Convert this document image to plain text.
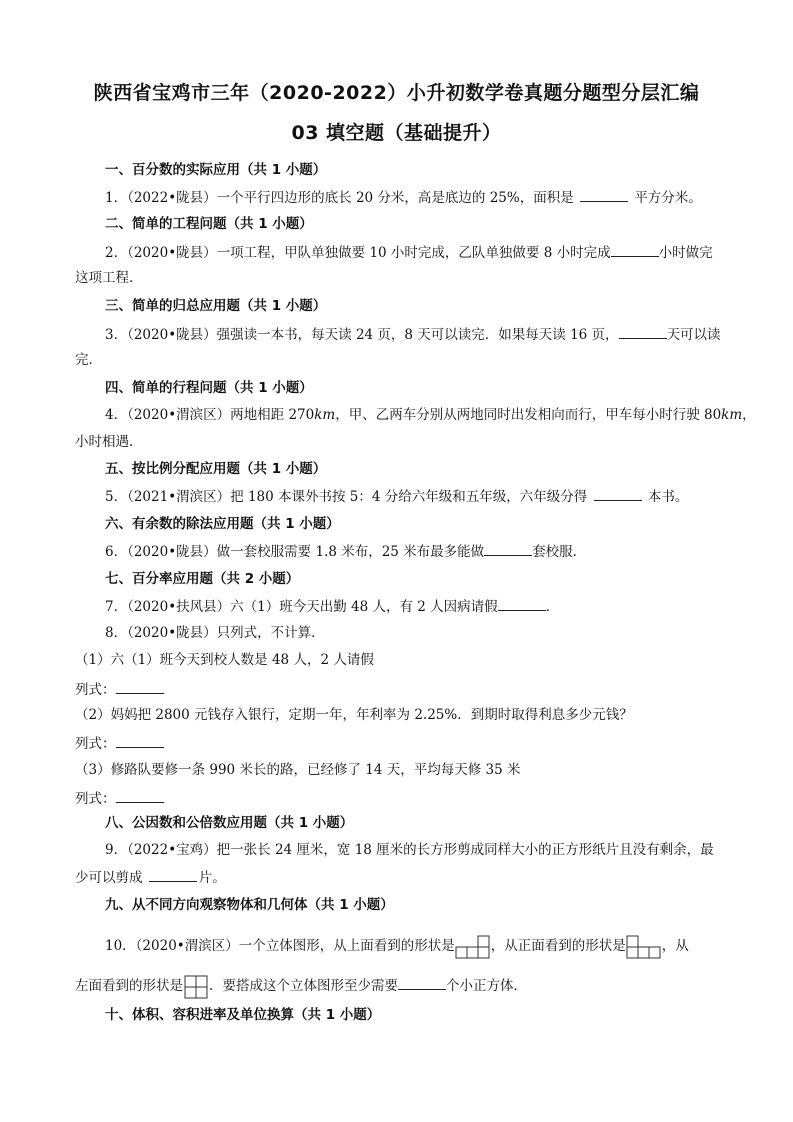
陕西省宝鸡市三年（2020-2022）小升初数学卷真题分题型分层汇编
03 填空题（基础提升）
一、百分数的实际应用（共 1 小题）
1．（2022•陇县）一个平行四边形的底长 20 分米，高是底边的 25%，面积是	平方分米。
二、简单的工程问题（共 1 小题）
2．（2020•陇县）一项工程，甲队单独做要 10 小时完成，乙队单独做要 8 小时完成	小时做完
这项工程．
三、简单的归总应用题（共 1 小题）
3．（2020•陇县）强强读一本书，每天读 24 页，8 天可以读完．如果每天读 16 页，	天可以读
完．
四、简单的行程问题（共 1 小题）
4．（2020•渭滨区）两地相距 270km，甲、乙两车分别从两地同时出发相向而行，甲车每小时行驶 80km，
小时相遇．
五、按比例分配应用题（共 1 小题）
5．（2021•渭滨区）把 180 本课外书按 5：4 分给六年级和五年级，六年级分得	本书。
六、有余数的除法应用题（共 1 小题）
6．（2020•陇县）做一套校服需要 1.8 米布，25 米布最多能做	套校服．
七、百分率应用题（共 2 小题）
7．（2020•扶风县）六（1）班今天出勤 48 人，有 2 人因病请假	．
8．（2020•陇县）只列式，不计算．
（1）六（1）班今天到校人数是 48 人，2 人请假
列式：
（2）妈妈把 2800 元钱存入银行，定期一年，年利率为 2.25%．到期时取得利息多少元钱？
列式：
（3）修路队要修一条 990 米长的路，已经修了 14 天，平均每天修 35 米
列式：
八、公因数和公倍数应用题（共 1 小题）
9．（2022•宝鸡）把一张长 24 厘米，宽 18 厘米的长方形剪成同样大小的正方形纸片且没有剩余，最
少可以剪成	片。
九、从不同方向观察物体和几何体（共 1 小题）
10．（2020•渭滨区）一个立体图形，从上面看到的形状是	，从正面看到的形状是	，从
左面看到的形状是 ．要搭成这个立体图形至少需要	个小正方体．
十、体积、容积进率及单位换算（共 1 小题）
